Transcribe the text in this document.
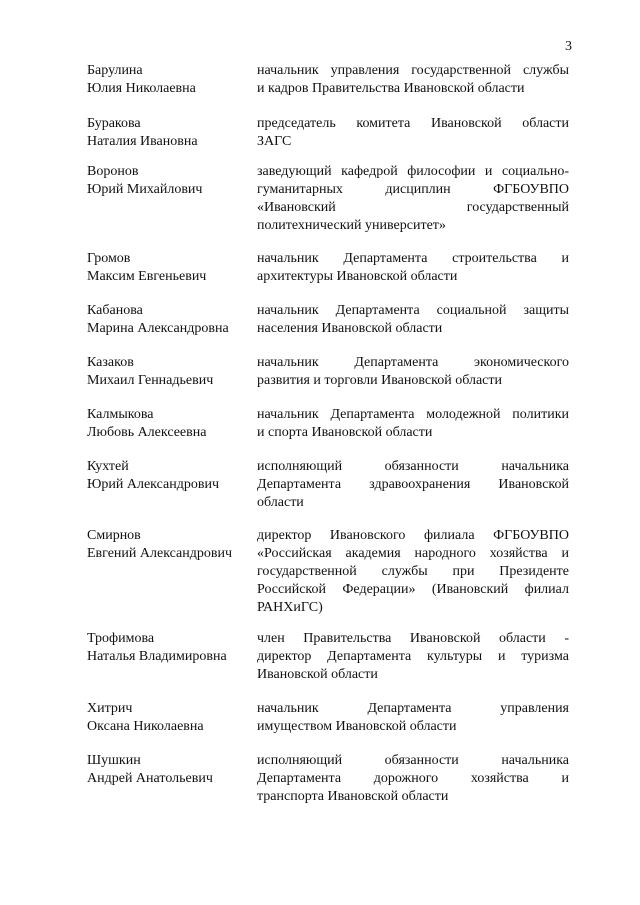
3
Барулина
Юлия Николаевна
начальник управления государственной службы
и кадров Правительства Ивановской области
Буракова
Наталия Ивановна
председатель комитета Ивановской области
ЗАГС
Воронов
Юрий Михайлович
заведующий кафедрой философии и социально-
гуманитарных дисциплин ФГБОУВПО
«Ивановский государственный
политехнический университет»
Громов
Максим Евгеньевич
начальник Департамента строительства и
архитектуры Ивановской области
Кабанова
Марина Александровна
начальник Департамента социальной защиты
населения Ивановской области
Казаков
Михаил Геннадьевич
начальник Департамента экономического
развития и торговли Ивановской области
Калмыкова
Любовь Алексеевна
начальник Департамента молодежной политики
и спорта Ивановской области
Кухтей
Юрий Александрович
исполняющий обязанности начальника
Департамента здравоохранения Ивановской
области
Смирнов
Евгений Александрович
директор Ивановского филиала ФГБОУВПО
«Российская академия народного хозяйства и
государственной службы при Президенте
Российской Федерации» (Ивановский филиал
РАНХиГС)
Трофимова
Наталья Владимировна
член Правительства Ивановской области -
директор Департамента культуры и туризма
Ивановской области
Хитрич
Оксана Николаевна
начальник Департамента управления
имуществом Ивановской области
Шушкин
Андрей Анатольевич
исполняющий обязанности начальника
Департамента дорожного хозяйства и
транспорта Ивановской области
